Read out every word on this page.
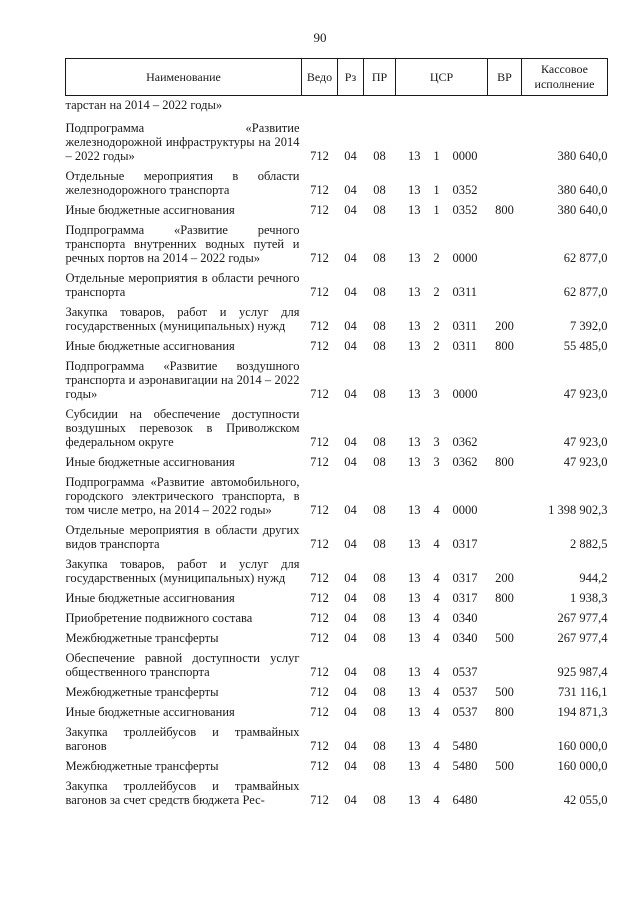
90
Наименование	Ведо	Рз	ПР	ЦСР			ВР	Кассовое исполнение
тарстан на 2014 – 2022 годы»								
Подпрограмма «Развитие железнодорожной инфраструктуры на 2014 – 2022 годы»	712	04	08	13	1	0000		380 640,0
Отдельные мероприятия в области железнодорожного транспорта	712	04	08	13	1	0352		380 640,0
Иные бюджетные ассигнования	712	04	08	13	1	0352	800	380 640,0
Подпрограмма «Развитие речного транспорта внутренних водных путей и речных портов на 2014 – 2022 годы»	712	04	08	13	2	0000		62 877,0
Отдельные мероприятия в области речного транспорта	712	04	08	13	2	0311		62 877,0
Закупка товаров, работ и услуг для государственных (муниципальных) нужд	712	04	08	13	2	0311	200	7 392,0
Иные бюджетные ассигнования	712	04	08	13	2	0311	800	55 485,0
Подпрограмма «Развитие воздушного транспорта и аэронавигации на 2014 – 2022 годы»	712	04	08	13	3	0000		47 923,0
Субсидии на обеспечение доступности воздушных перевозок в Приволжском федеральном округе	712	04	08	13	3	0362		47 923,0
Иные бюджетные ассигнования	712	04	08	13	3	0362	800	47 923,0
Подпрограмма «Развитие автомобильного, городского электрического транспорта, в том числе метро, на 2014 – 2022 годы»	712	04	08	13	4	0000		1 398 902,3
Отдельные мероприятия в области других видов транспорта	712	04	08	13	4	0317		2 882,5
Закупка товаров, работ и услуг для государственных (муниципальных) нужд	712	04	08	13	4	0317	200	944,2
Иные бюджетные ассигнования	712	04	08	13	4	0317	800	1 938,3
Приобретение подвижного состава	712	04	08	13	4	0340		267 977,4
Межбюджетные трансферты	712	04	08	13	4	0340	500	267 977,4
Обеспечение равной доступности услуг общественного транспорта	712	04	08	13	4	0537		925 987,4
Межбюджетные трансферты	712	04	08	13	4	0537	500	731 116,1
Иные бюджетные ассигнования	712	04	08	13	4	0537	800	194 871,3
Закупка троллейбусов и трамвайных вагонов	712	04	08	13	4	5480		160 000,0
Межбюджетные трансферты	712	04	08	13	4	5480	500	160 000,0
Закупка троллейбусов и трамвайных вагонов за счет средств бюджета Рес-	712	04	08	13	4	6480		42 055,0
